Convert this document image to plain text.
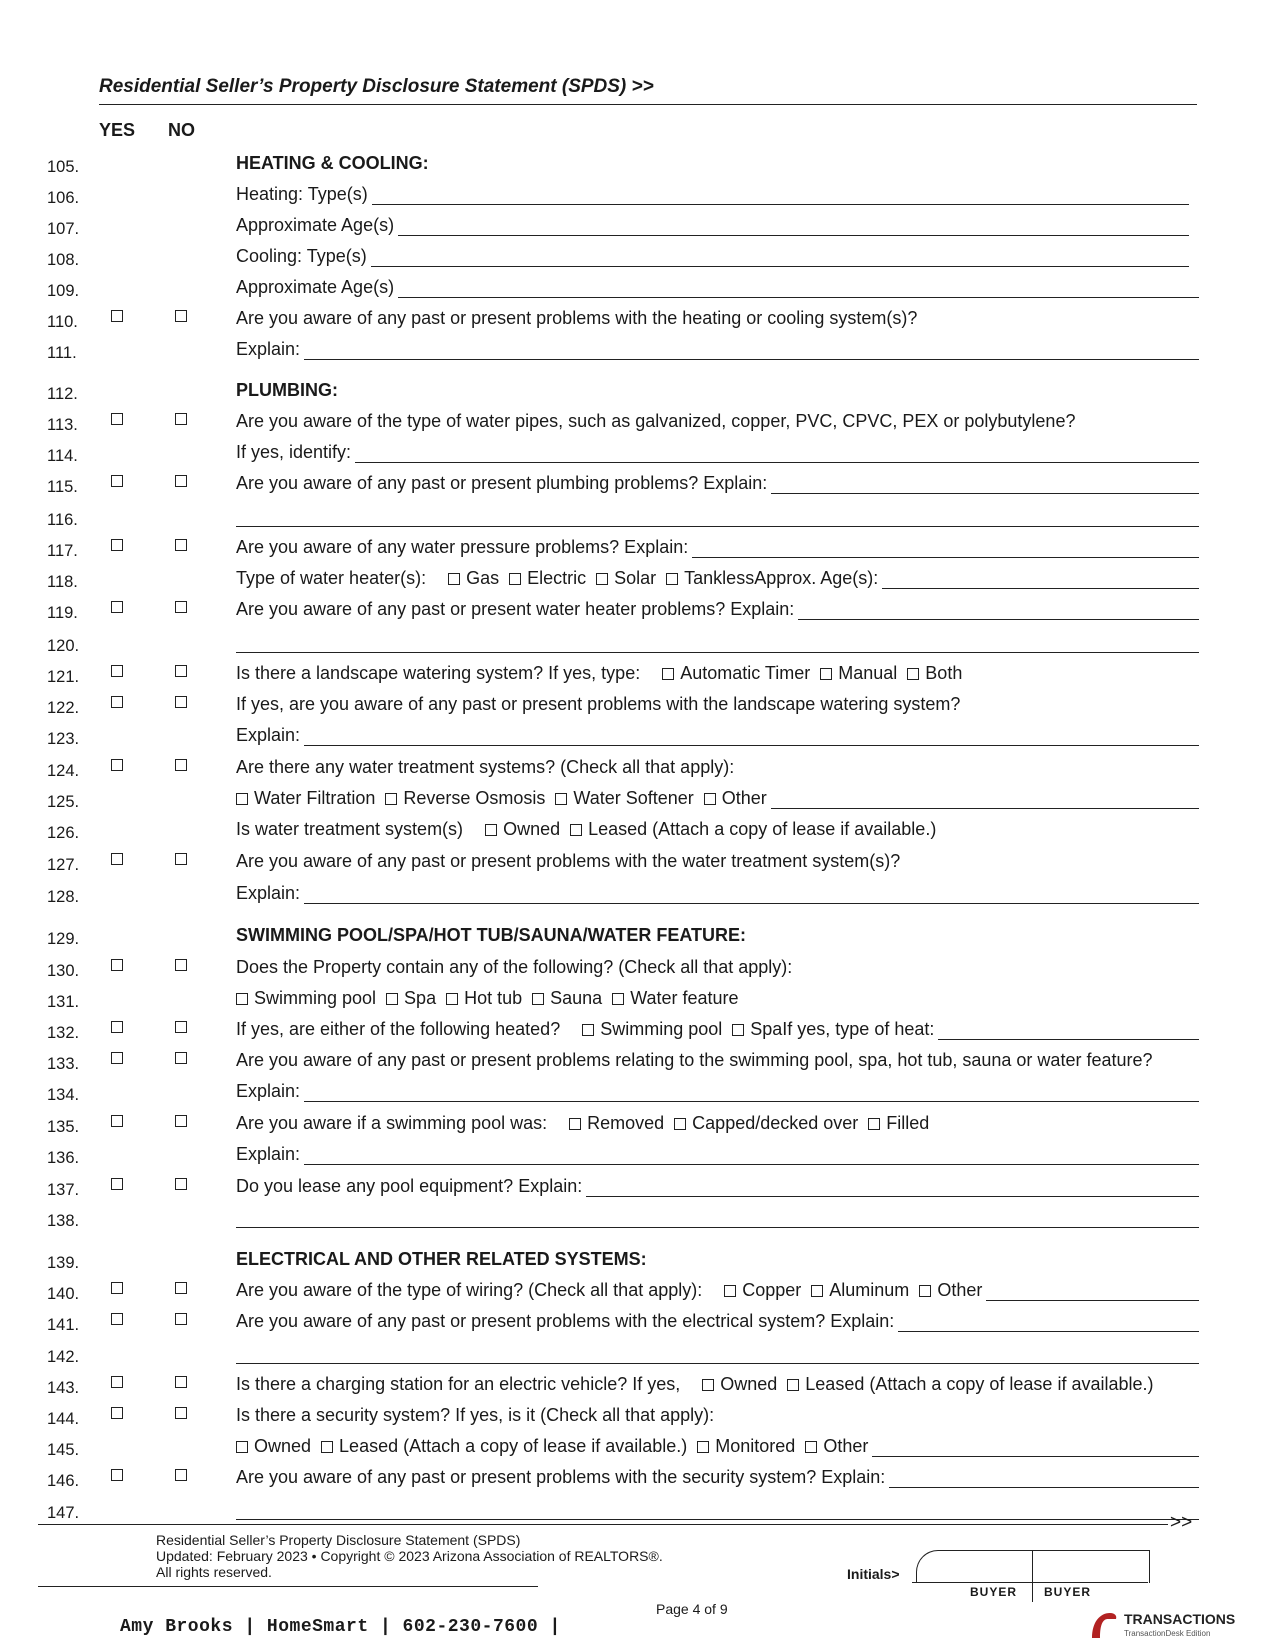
Residential Seller’s Property Disclosure Statement (SPDS) >>
YES NO
105.	HEATING & COOLING:
106.	Heating: Type(s)
107.	Approximate Age(s)
108.	Cooling: Type(s)
109.	Approximate Age(s)
110.	Are you aware of any past or present problems with the heating or cooling system(s)?
111.	Explain:
112.	PLUMBING:
113.	Are you aware of the type of water pipes, such as galvanized, copper, PVC, CPVC, PEX or polybutylene?
114.	If yes, identify:
115.	Are you aware of any past or present plumbing problems? Explain:
116.
117.	Are you aware of any water pressure problems? Explain:
118.	Type of water heater(s): Gas Electric Solar Tankless Approx. Age(s):
119.	Are you aware of any past or present water heater problems? Explain:
120.
121.	Is there a landscape watering system? If yes, type: Automatic Timer Manual Both
122.	If yes, are you aware of any past or present problems with the landscape watering system?
123.	Explain:
124.	Are there any water treatment systems? (Check all that apply):
125.	Water Filtration Reverse Osmosis Water Softener Other
126.	Is water treatment system(s) Owned Leased (Attach a copy of lease if available.)
127.	Are you aware of any past or present problems with the water treatment system(s)?
128.	Explain:
129.	SWIMMING POOL/SPA/HOT TUB/SAUNA/WATER FEATURE:
130.	Does the Property contain any of the following? (Check all that apply):
131.	Swimming pool Spa Hot tub Sauna Water feature
132.	If yes, are either of the following heated? Swimming pool Spa If yes, type of heat:
133.	Are you aware of any past or present problems relating to the swimming pool, spa, hot tub, sauna or water feature?
134.	Explain:
135.	Are you aware if a swimming pool was: Removed Capped/decked over Filled
136.	Explain:
137.	Do you lease any pool equipment? Explain:
138.
139.	ELECTRICAL AND OTHER RELATED SYSTEMS:
140.	Are you aware of the type of wiring? (Check all that apply): Copper Aluminum Other
141.	Are you aware of any past or present problems with the electrical system? Explain:
142.
143.	Is there a charging station for an electric vehicle? If yes, Owned Leased (Attach a copy of lease if available.)
144.	Is there a security system? If yes, is it (Check all that apply):
145.	Owned Leased (Attach a copy of lease if available.) Monitored Other
146.	Are you aware of any past or present problems with the security system? Explain:
147.	>>
Residential Seller’s Property Disclosure Statement (SPDS)
Updated: February 2023 • Copyright © 2023 Arizona Association of REALTORS®.
All rights reserved.	Initials>
BUYER BUYER
Page 4 of 9
Amy Brooks | HomeSmart | 602-230-7600 |	TRANSACTIONS
TransactionDesk Edition
